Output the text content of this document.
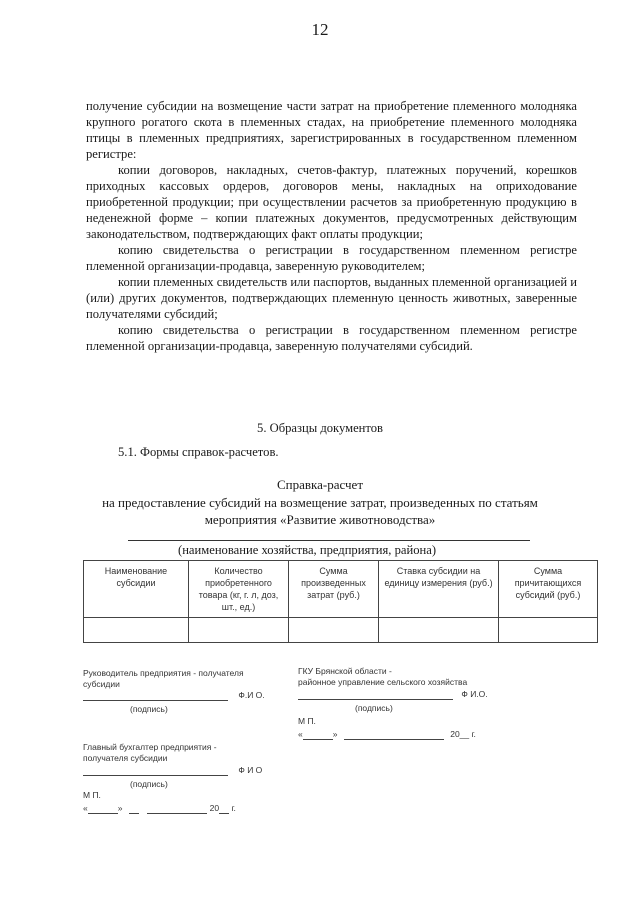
12

получение субсидии на возмещение части затрат на приобретение племенного молодняка крупного рогатого скота в племенных стадах, на приобретение племенного молодняка птицы в племенных предприятиях, зарегистрированных в государственном племенном регистре:

копии договоров, накладных, счетов-фактур, платежных поручений, корешков приходных кассовых ордеров, договоров мены, накладных на оприходование приобретенной продукции; при осуществлении расчетов за приобретенную продукцию в неденежной форме – копии платежных документов, предусмотренных действующим законодательством, подтверждающих факт оплаты продукции;

копию свидетельства о регистрации в государственном племенном регистре племенной организации-продавца, заверенную руководителем;

копии племенных свидетельств или паспортов, выданных племенной организацией и (или) других документов, подтверждающих племенную ценность животных, заверенные получателями субсидий;

копию свидетельства о регистрации в государственном племенном регистре племенной организации-продавца, заверенную получателями субсидий.

5. Образцы документов
5.1. Формы справок-расчетов.
Справка-расчет
на предоставление субсидий на возмещение затрат, произведенных по статьям
мероприятия «Развитие животноводства»
(наименование хозяйства, предприятия, района)
Наименование субсидии	Количество приобретенного товара (кг, г. л, доз, шт., ед.)	Сумма произведенных затрат (руб.)	Ставка субсидии на единицу измерения (руб.)	Сумма причитающихся субсидий (руб.)

Руководитель предприятия - получателя
субсидии
Ф.И О.
(подпись)
Главный бухгалтер предприятия -
получателя субсидии
Ф И О
(подпись)
М П.
«	»	20 г.
ГКУ Брянской области -
районное управление сельского хозяйства
Ф И.О.
(подпись)
М П.
«	»	20__ г.
